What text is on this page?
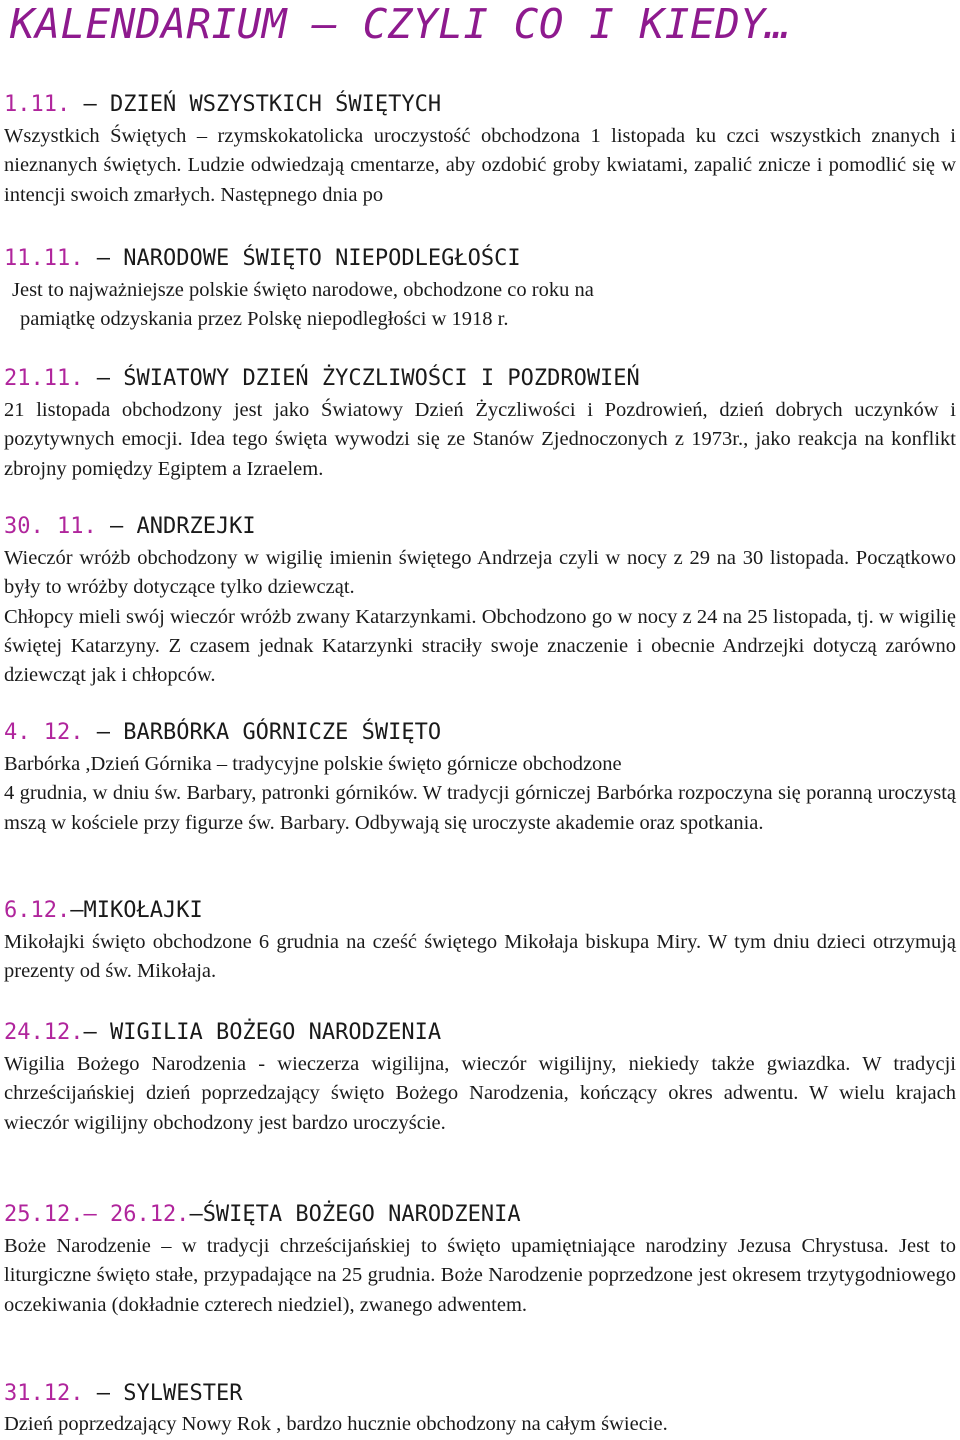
KALENDARIUM – CZYLI CO I KIEDY…
1.11. – DZIEŃ WSZYSTKICH ŚWIĘTYCH

Wszystkich Świętych – rzymskokatolicka uroczystość obchodzona 1 listopada ku czci wszystkich znanych i nieznanych świętych. Ludzie odwiedzają cmentarze, aby ozdobić groby kwiatami, zapalić znicze i pomodlić się w intencji swoich zmarłych. Następnego dnia po

11.11. – NARODOWE ŚWIĘTO NIEPODLEGŁOŚCI
Jest to najważniejsze polskie święto narodowe, obchodzone co roku na
pamiątkę odzyskania przez Polskę niepodległości w 1918 r.
21.11. – ŚWIATOWY DZIEŃ ŻYCZLIWOŚCI I POZDROWIEŃ

21 listopada obchodzony jest jako Światowy Dzień Życzliwości i Pozdrowień, dzień dobrych uczynków i pozytywnych emocji. Idea tego święta wywodzi się ze Stanów Zjednoczonych z 1973r., jako reakcja na konflikt zbrojny pomiędzy Egiptem a Izraelem.

30. 11. – ANDRZEJKI

Wieczór wróżb obchodzony w wigilię imienin świętego Andrzeja czyli w nocy z 29 na 30 listopada. Początkowo były to wróżby dotyczące tylko dziewcząt.

Chłopcy mieli swój wieczór wróżb zwany Katarzynkami. Obchodzono go w nocy z 24 na 25 listopada, tj. w wigilię świętej Katarzyny. Z czasem jednak Katarzynki straciły swoje znaczenie i obecnie Andrzejki dotyczą zarówno dziewcząt jak i chłopców.

4. 12. – BARBÓRKA GÓRNICZE ŚWIĘTO
Barbórka ,Dzień Górnika – tradycyjne polskie święto górnicze obchodzone

4 grudnia, w dniu św. Barbary, patronki górników. W tradycji górniczej Barbórka rozpoczyna się poranną uroczystą mszą w kościele przy figurze św. Barbary. Odbywają się uroczyste akademie oraz spotkania.

6.12.–MIKOŁAJKI

Mikołajki święto obchodzone 6 grudnia na cześć świętego Mikołaja biskupa Miry. W tym dniu dzieci otrzymują prezenty od św. Mikołaja.

24.12.– WIGILIA BOŻEGO NARODZENIA

Wigilia Bożego Narodzenia - wieczerza wigilijna, wieczór wigilijny, niekiedy także gwiazdka. W tradycji chrześcijańskiej dzień poprzedzający święto Bożego Narodzenia, kończący okres adwentu. W wielu krajach wieczór wigilijny obchodzony jest bardzo uroczyście.

25.12.– 26.12.–ŚWIĘTA BOŻEGO NARODZENIA

Boże Narodzenie – w tradycji chrześcijańskiej to święto upamiętniające narodziny Jezusa Chrystusa. Jest to liturgiczne święto stałe, przypadające na 25 grudnia. Boże Narodzenie poprzedzone jest okresem trzytygodniowego oczekiwania (dokładnie czterech niedziel), zwanego adwentem.

31.12. – SYLWESTER

Dzień poprzedzający Nowy Rok , bardzo hucznie obchodzony na całym świecie.
